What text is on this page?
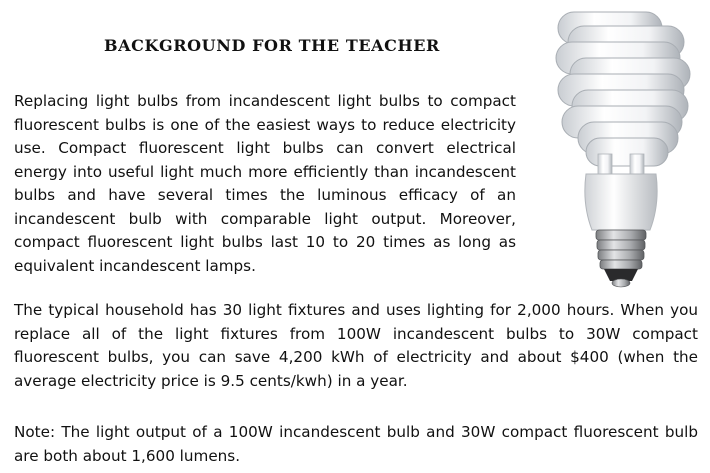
BACKGROUND FOR THE TEACHER

Replacing light bulbs from incandescent light bulbs to compact fluorescent bulbs is one of the easiest ways to reduce electricity use. Compact fluorescent light bulbs can convert electrical energy into useful light much more efficiently than incandescent bulbs and have several times the luminous efficacy of an incandescent bulb with comparable light output. Moreover, compact fluorescent light bulbs last 10 to 20 times as long as equivalent incandescent lamps.

The typical household has 30 light fixtures and uses lighting for 2,000 hours. When you replace all of the light fixtures from 100W incandescent bulbs to 30W compact fluorescent bulbs, you can save 4,200 kWh of electricity and about $400 (when the average electricity price is 9.5 cents/kwh) in a year.

Note: The light output of a 100W incandescent bulb and 30W compact fluorescent bulb are both about 1,600 lumens.
